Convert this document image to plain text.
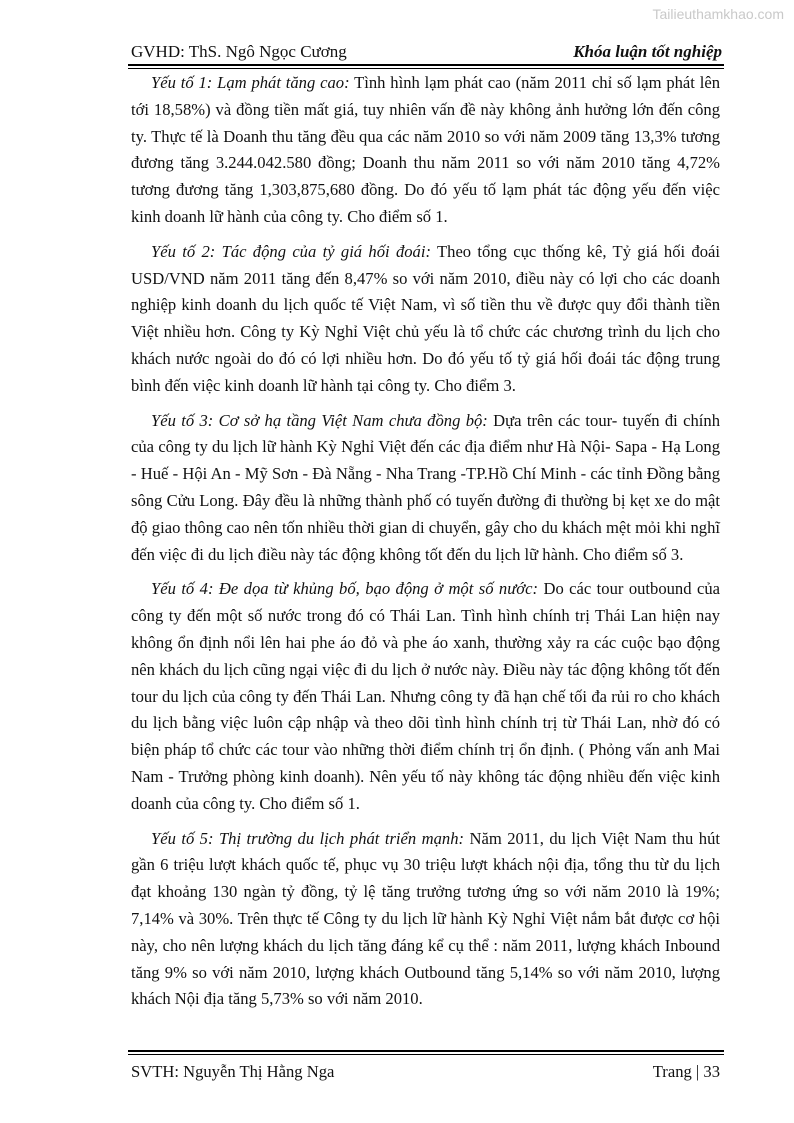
Tailieuthamkhao.com
GVHD: ThS. Ngô Ngọc Cương	Khóa luận tốt nghiệp

Yếu tố 1: Lạm phát tăng cao: Tình hình lạm phát cao (năm 2011 chỉ số lạm phát lên tới 18,58%) và đồng tiền mất giá, tuy nhiên vấn đề này không ảnh hưởng lớn đến công ty. Thực tế là Doanh thu tăng đều qua các năm 2010 so với năm 2009 tăng 13,3% tương đương tăng 3.244.042.580 đồng; Doanh thu năm 2011 so với năm 2010 tăng 4,72% tương đương tăng 1,303,875,680 đồng. Do đó yếu tố lạm phát tác động yếu đến việc kinh doanh lữ hành của công ty. Cho điểm số 1.

Yếu tố 2: Tác động của tỷ giá hối đoái: Theo tổng cục thống kê, Tỷ giá hối đoái USD/VND năm 2011 tăng đến 8,47% so với năm 2010, điều này có lợi cho các doanh nghiệp kinh doanh du lịch quốc tế Việt Nam, vì số tiền thu về được quy đổi thành tiền Việt nhiều hơn. Công ty Kỳ Nghỉ Việt chủ yếu là tổ chức các chương trình du lịch cho khách nước ngoài do đó có lợi nhiều hơn. Do đó yếu tố tỷ giá hối đoái tác động trung bình đến việc kinh doanh lữ hành tại công ty. Cho điểm 3.

Yếu tố 3: Cơ sở hạ tầng Việt Nam chưa đồng bộ: Dựa trên các tour- tuyến đi chính của công ty du lịch lữ hành Kỳ Nghỉ Việt đến các địa điểm như Hà Nội- Sapa - Hạ Long - Huế - Hội An - Mỹ Sơn - Đà Nẵng - Nha Trang -TP.Hồ Chí Minh - các tỉnh Đồng bằng sông Cửu Long. Đây đều là những thành phố có tuyến đường đi thường bị kẹt xe do mật độ giao thông cao nên tốn nhiều thời gian di chuyển, gây cho du khách mệt mỏi khi nghĩ đến việc đi du lịch điều này tác động không tốt đến du lịch lữ hành. Cho điểm số 3.

Yếu tố 4: Đe dọa từ khủng bố, bạo động ở một số nước: Do các tour outbound của công ty đến một số nước trong đó có Thái Lan. Tình hình chính trị Thái Lan hiện nay không ổn định nổi lên hai phe áo đỏ và phe áo xanh, thường xảy ra các cuộc bạo động nên khách du lịch cũng ngại việc đi du lịch ở nước này. Điều này tác động không tốt đến tour du lịch của công ty đến Thái Lan. Nhưng công ty đã hạn chế tối đa rủi ro cho khách du lịch bằng việc luôn cập nhập và theo dõi tình hình chính trị từ Thái Lan, nhờ đó có biện pháp tổ chức các tour vào những thời điểm chính trị ổn định. ( Phỏng vấn anh Mai Nam - Trưởng phòng kinh doanh). Nên yếu tố này không tác động nhiều đến việc kinh doanh của công ty. Cho điểm số 1.

Yếu tố 5: Thị trường du lịch phát triển mạnh: Năm 2011, du lịch Việt Nam thu hút gần 6 triệu lượt khách quốc tế, phục vụ 30 triệu lượt khách nội địa, tổng thu từ du lịch đạt khoảng 130 ngàn tỷ đồng, tỷ lệ tăng trưởng tương ứng so với năm 2010 là 19%; 7,14% và 30%. Trên thực tế Công ty du lịch lữ hành Kỳ Nghỉ Việt nắm bắt được cơ hội này, cho nên lượng khách du lịch tăng đáng kể cụ thể : năm 2011, lượng khách Inbound tăng 9% so với năm 2010, lượng khách Outbound tăng 5,14% so với năm 2010, lượng khách Nội địa tăng 5,73% so với năm 2010.

SVTH: Nguyễn Thị Hằng Nga	Trang | 33
